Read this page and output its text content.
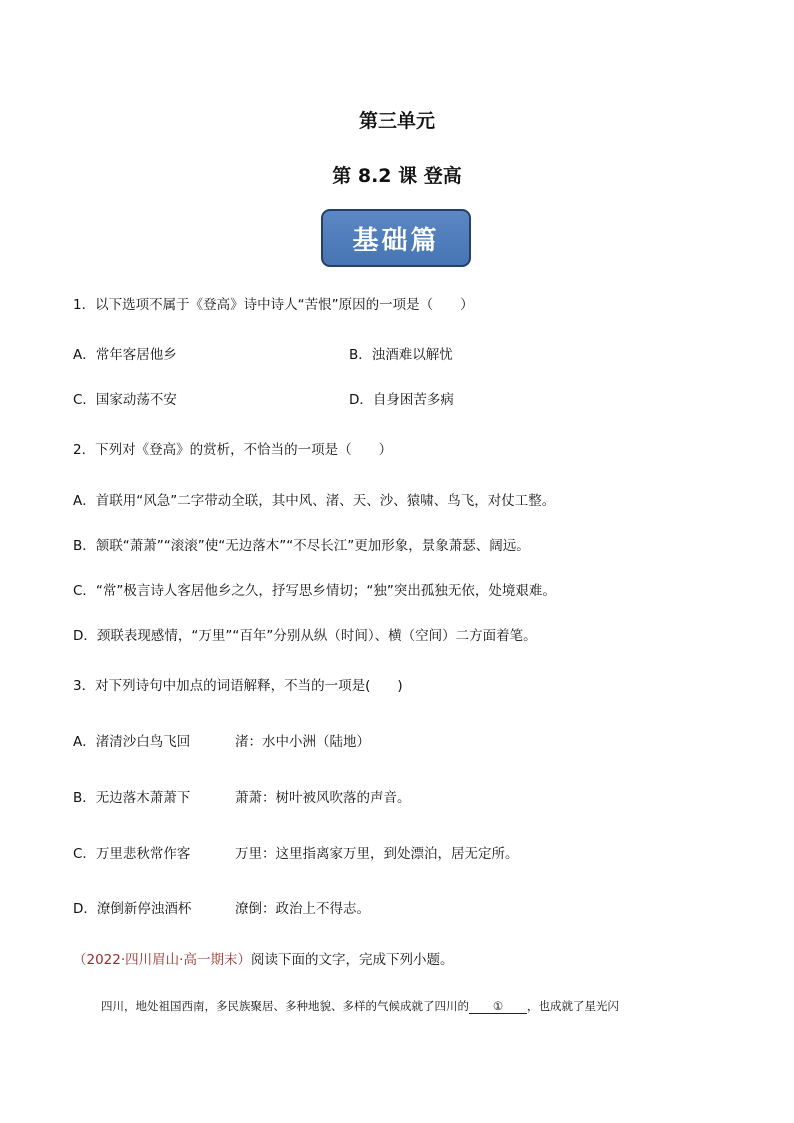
第三单元
第 8.2 课 登高
基础篇
1．以下选项不属于《登高》诗中诗人“苦恨”原因的一项是（　　）
A．常年客居他乡	B．浊酒难以解忧
C．国家动荡不安	D．自身困苦多病
2．下列对《登高》的赏析，不恰当的一项是（　　）
A．首联用“风急”二字带动全联，其中风、渚、天、沙、猿啸、鸟飞，对仗工整。
B．颔联“萧萧”“滚滚”使“无边落木”“不尽长江”更加形象，景象萧瑟、阔远。
C．“常”极言诗人客居他乡之久，抒写思乡情切；“独”突出孤独无依，处境艰难。
D．颈联表现感情，“万里”“百年”分别从纵（时间）、横（空间）二方面着笔。
3．对下列诗句中加点的词语解释，不当的一项是(　　)
A．渚清沙白鸟飞回	渚：水中小洲（陆地）
B．无边落木萧萧下	萧萧：树叶被风吹落的声音。
C．万里悲秋常作客	万里：这里指离家万里，到处漂泊，居无定所。
D．潦倒新停浊酒杯	潦倒：政治上不得志。
（2022·四川眉山·高一期末）阅读下面的文字，完成下列小题。
四川，地处祖国西南，多民族聚居、多种地貌、多样的气候成就了四川的 ① ，也成就了星光闪
